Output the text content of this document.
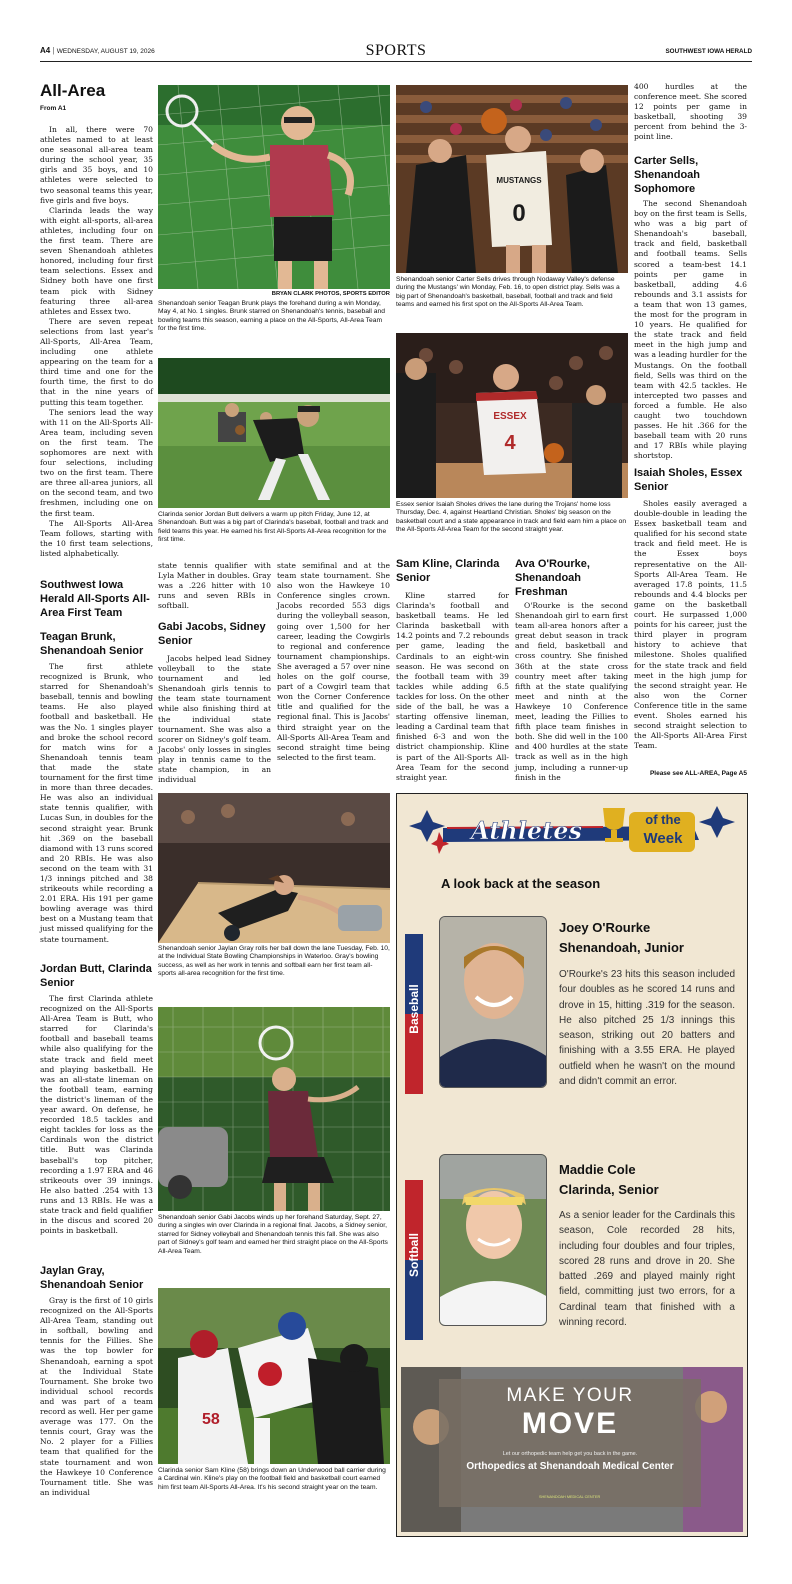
A4 | WEDNESDAY, AUGUST 19, 2026	SPORTS	SOUTHWEST IOWA HERALD
All-Area
From A1

In all, there were 70 athletes named to at least one seasonal all-area team during the school year, 35 girls and 35 boys, and 10 athletes were selected to two seasonal teams this year, five girls and five boys.

Clarinda leads the way with eight all-sports, all-area athletes, including four on the first team. There are seven Shenandoah athletes honored, including four first team selections. Essex and Sidney both have one first team pick with Sidney featuring three all-area athletes and Essex two.

There are seven repeat selections from last year's All-Sports, All-Area Team, including one athlete appearing on the team for a third time and one for the fourth time, the first to do that in the nine years of putting this team together.

The seniors lead the way with 11 on the All-Sports All-Area team, including seven on the first team. The sophomores are next with four selections, including two on the first team. There are three all-area juniors, all on the second team, and two freshmen, including one on the first team.

The All-Sports All-Area Team follows, starting with the 10 first team selections, listed alphabetically.

Southwest Iowa Herald All-Sports All-Area First Team
Teagan Brunk, Shenandoah Senior

The first athlete recognized is Brunk, who starred for Shenandoah's baseball, tennis and bowling teams. He also played football and basketball. He was the No. 1 singles player and broke the school record for match wins for a Shenandoah tennis team that made the state tournament for the first time in more than three decades. He was also an individual state tennis qualifier, with Lucas Sun, in doubles for the second straight year. Brunk hit .369 on the baseball diamond with 13 runs scored and 20 RBIs. He was also second on the team with 31 1/3 innings pitched and 38 strikeouts while recording a 2.01 ERA. His 191 per game bowling average was third best on a Mustang team that just missed qualifying for the state tournament.

Jordan Butt, Clarinda Senior

The first Clarinda athlete recognized on the All-Sports All-Area Team is Butt, who starred for Clarinda's football and baseball teams while also qualifying for the state track and field meet and playing basketball. He was an all-state lineman on the football team, earning the district's lineman of the year award. On defense, he recorded 18.5 tackles and eight tackles for loss as the Cardinals won the district title. Butt was Clarinda baseball's top pitcher, recording a 1.97 ERA and 46 strikeouts over 39 innings. He also batted .254 with 13 runs and 13 RBIs. He was a state track and field qualifier in the discus and scored 20 points in basketball.

Jaylan Gray, Shenandoah Senior

Gray is the first of 10 girls recognized on the All-Sports All-Area Team, standing out in softball, bowling and tennis for the Fillies. She was the top bowler for Shenandoah, earning a spot at the Individual State Tournament. She broke two individual school records and was part of a team record as well. Her per game average was 177. On the tennis court, Gray was the No. 2 player for a Fillies team that qualified for the state tournament and won the Hawkeye 10 Conference Tournament title. She was an individual

BRYAN CLARK PHOTOS, SPORTS EDITOR
Shenandoah senior Teagan Brunk plays the forehand during a win Monday, May 4, at No. 1 singles. Brunk starred on Shenandoah's tennis, baseball and bowling teams this season, earning a place on the All-Sports, All-Area Team for the first time.
Clarinda senior Jordan Butt delivers a warm up pitch Friday, June 12, at Shenandoah. Butt was a big part of Clarinda's baseball, football and track and field teams this year. He earned his first All-Sports All-Area recognition for the first time.
MUSTANGS
0
Shenandoah senior Carter Sells drives through Nodaway Valley's defense during the Mustangs' win Monday, Feb. 16, to open district play. Sells was a big part of Shenandoah's basketball, baseball, football and track and field teams and earned his first spot on the All-Sports All-Area Team.
ESSEX
4
Essex senior Isaiah Sholes drives the lane during the Trojans' home loss Thursday, Dec. 4, against Heartland Christian. Sholes' big season on the basketball court and a state appearance in track and field earn him a place on the All-Sports All-Area Team for the second straight year.

400 hurdles at the conference meet. She scored 12 points per game in basketball, shooting 39 percent from behind the 3-point line.

Carter Sells, Shenandoah Sophomore

The second Shenandoah boy on the first team is Sells, who was a big part of Shenandoah's baseball, track and field, basketball and football teams. Sells scored a team-best 14.1 points per game in basketball, adding 4.6 rebounds and 3.1 assists for a team that won 13 games, the most for the program in 10 years. He qualified for the state track and field meet in the high jump and was a leading hurdler for the Mustangs. On the football field, Sells was third on the team with 42.5 tackles. He intercepted two passes and forced a fumble. He also caught two touchdown passes. He hit .366 for the baseball team with 20 runs and 17 RBIs while playing shortstop.

Isaiah Sholes, Essex Senior

Sholes easily averaged a double-double in leading the Essex basketball team and qualified for his second state track and field meet. He is the Essex boys representative on the All-Sports All-Area Team. He averaged 17.8 points, 11.5 rebounds and 4.4 blocks per game on the basketball court. He surpassed 1,000 points for his career, just the third player in program history to achieve that milestone. Sholes qualified for the state track and field meet in the high jump for the second straight year. He also won the Corner Conference title in the same event. Sholes earned his second straight selection to the All-Sports All-Area First Team.

Please see ALL-AREA, Page A5

state tennis qualifier with Lyla Mather in doubles. Gray was a .226 hitter with 10 runs and seven RBIs in softball.

Gabi Jacobs, Sidney Senior

Jacobs helped lead Sidney volleyball to the state tournament and led Shenandoah girls tennis to the team state tournament while also finishing third at the individual state tournament. She was also a scorer on Sidney's golf team. Jacobs' only losses in singles play in tennis came to the state champion, in an individual

state semifinal and at the team state tournament. She also won the Hawkeye 10 Conference singles crown. Jacobs recorded 553 digs during the volleyball season, going over 1,500 for her career, leading the Cowgirls to regional and conference tournament championships. She averaged a 57 over nine holes on the golf course, part of a Cowgirl team that won the Corner Conference title and qualified for the regional final. This is Jacobs' third straight year on the All-Sports All-Area Team and second straight time being selected to the first team.

Sam Kline, Clarinda Senior

Kline starred for Clarinda's football and basketball teams. He led Clarinda basketball with 14.2 points and 7.2 rebounds per game, leading the Cardinals to an eight-win season. He was second on the football team with 39 tackles while adding 6.5 tackles for loss. On the other side of the ball, he was a starting offensive lineman, leading a Cardinal team that finished 6-3 and won the district championship. Kline is part of the All-Sports All-Area Team for the second straight year.

Ava O'Rourke, Shenandoah Freshman

O'Rourke is the second Shenandoah girl to earn first team all-area honors after a great debut season in track and field, basketball and cross country. She finished 36th at the state cross country meet after taking fifth at the state qualifying meet and ninth at the Hawkeye 10 Conference meet, leading the Fillies to fifth place team finishes in both. She did well in the 100 and 400 hurdles at the state track as well as in the high jump, including a runner-up finish in the

Shenandoah senior Jaylan Gray rolls her ball down the lane Tuesday, Feb. 10, at the Individual State Bowling Championships in Waterloo. Gray's bowling success, as well as her work in tennis and softball earn her first team all-sports all-area recognition for the first time.
Shenandoah senior Gabi Jacobs winds up her forehand Saturday, Sept. 27, during a singles win over Clarinda in a regional final. Jacobs, a Sidney senior, starred for Sidney volleyball and Shenandoah tennis this fall. She was also part of Sidney's golf team and earned her third straight place on the All-Sports All-Area Team.
58
Clarinda senior Sam Kline (58) brings down an Underwood ball carrier during a Cardinal win. Kline's play on the football field and basketball court earned him first team All-Sports All-Area. It's his second straight year on the team.
Athletes	of the
Week
A look back at the season
Baseball
Joey O'Rourke
Shenandoah, Junior
O'Rourke's 23 hits this season included four doubles as he scored 14 runs and drove in 15, hitting .319 for the season. He also pitched 25 1/3 innings this season, striking out 20 batters and finishing with a 3.55 ERA. He played outfield when he wasn't on the mound and didn't commit an error.
Softball
Maddie Cole
Clarinda, Senior
As a senior leader for the Cardinals this season, Cole recorded 28 hits, including four doubles and four triples, scored 28 runs and drove in 20. She batted .269 and played mainly right field, committing just two errors, for a Cardinal team that finished with a winning record.
MAKE YOUR
MOVE
Let our orthopedic team help get you back in the game.
Orthopedics at Shenandoah Medical Center
SHENANDOAH MEDICAL CENTER
